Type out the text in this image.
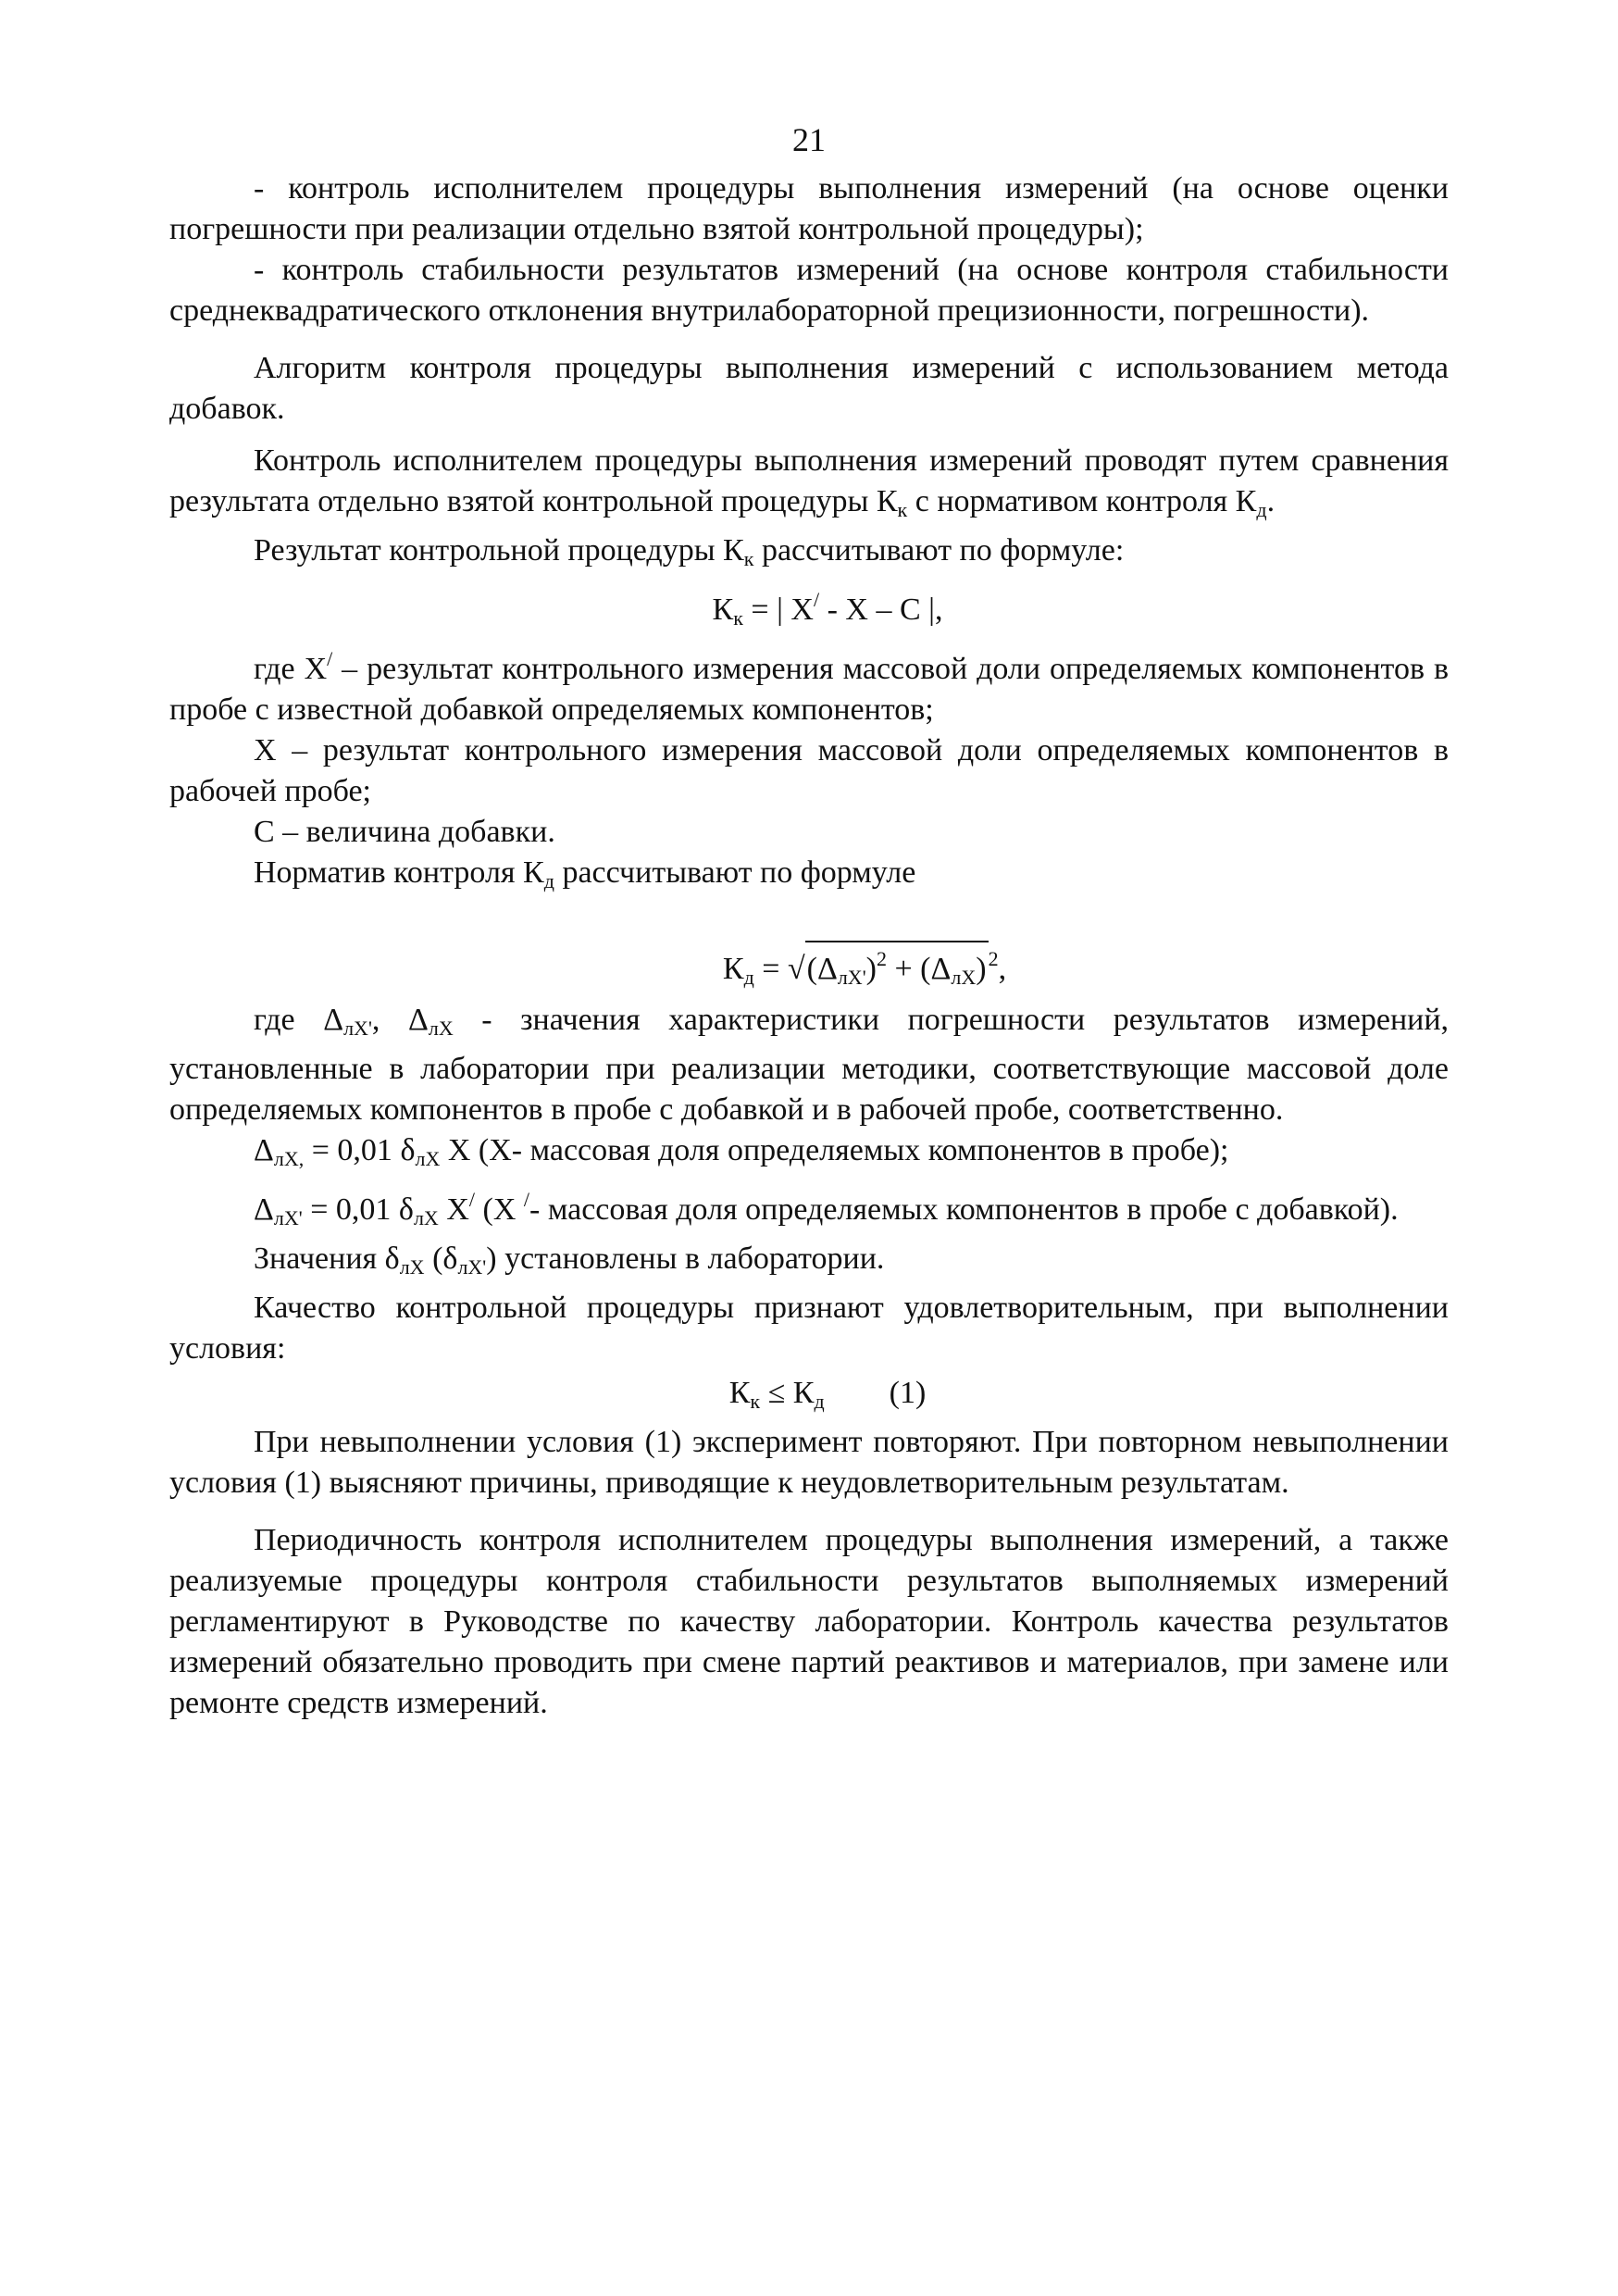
21

- контроль исполнителем процедуры выполнения измерений (на основе оценки погрешности при реализации отдельно взятой контрольной процедуры);

- контроль стабильности результатов измерений (на основе контроля стабильности среднеквадратического отклонения внутрилабораторной прецизионности, погрешности).

Алгоритм контроля процедуры выполнения измерений с использованием метода добавок.

Контроль исполнителем процедуры выполнения измерений проводят путем сравнения результата отдельно взятой контрольной процедуры $К_к$ с нормативом контроля $К_д$.

Результат контрольной процедуры $К_к$ рассчитывают по формуле:

$К_к$ = | X/ - X – C |,

где X/ – результат контрольного измерения массовой доли определяемых компонентов в пробе с известной добавкой определяемых компонентов;

X – результат контрольного измерения массовой доли определяемых компонентов в рабочей пробе;

С – величина добавки.

Норматив контроля $К_д$ рассчитывают по формуле

$К_д = √(\Delta_{лX'})^2 + (\Delta_{лX})^2$,

где $\Delta_{лX'}$, $\Delta_{лX}$ - значения характеристики погрешности результатов измерений, установленные в лаборатории при реализации методики, соответствующие массовой доле определяемых компонентов в пробе с добавкой и в рабочей пробе, соответственно.

$\Delta_{лX,} = 0,01$ $\delta_{лX}$ X (X- массовая доля определяемых компонентов в пробе);

$\Delta_{лX'} = 0,01$ $\delta_{лX}$ X/ (X /- массовая доля определяемых компонентов в пробе с добавкой).

Значения $\delta_{лX}$ $(\delta_{лX'})$ установлены в лаборатории.

Качество контрольной процедуры признают удовлетворительным, при выполнении условия:

$К_к \le К_д$ (1)

При невыполнении условия (1) эксперимент повторяют. При повторном невыполнении условия (1) выясняют причины, приводящие к неудовлетворительным результатам.

Периодичность контроля исполнителем процедуры выполнения измерений, а также реализуемые процедуры контроля стабильности результатов выполняемых измерений регламентируют в Руководстве по качеству лаборатории. Контроль качества результатов измерений обязательно проводить при смене партий реактивов и материалов, при замене или ремонте средств измерений.
